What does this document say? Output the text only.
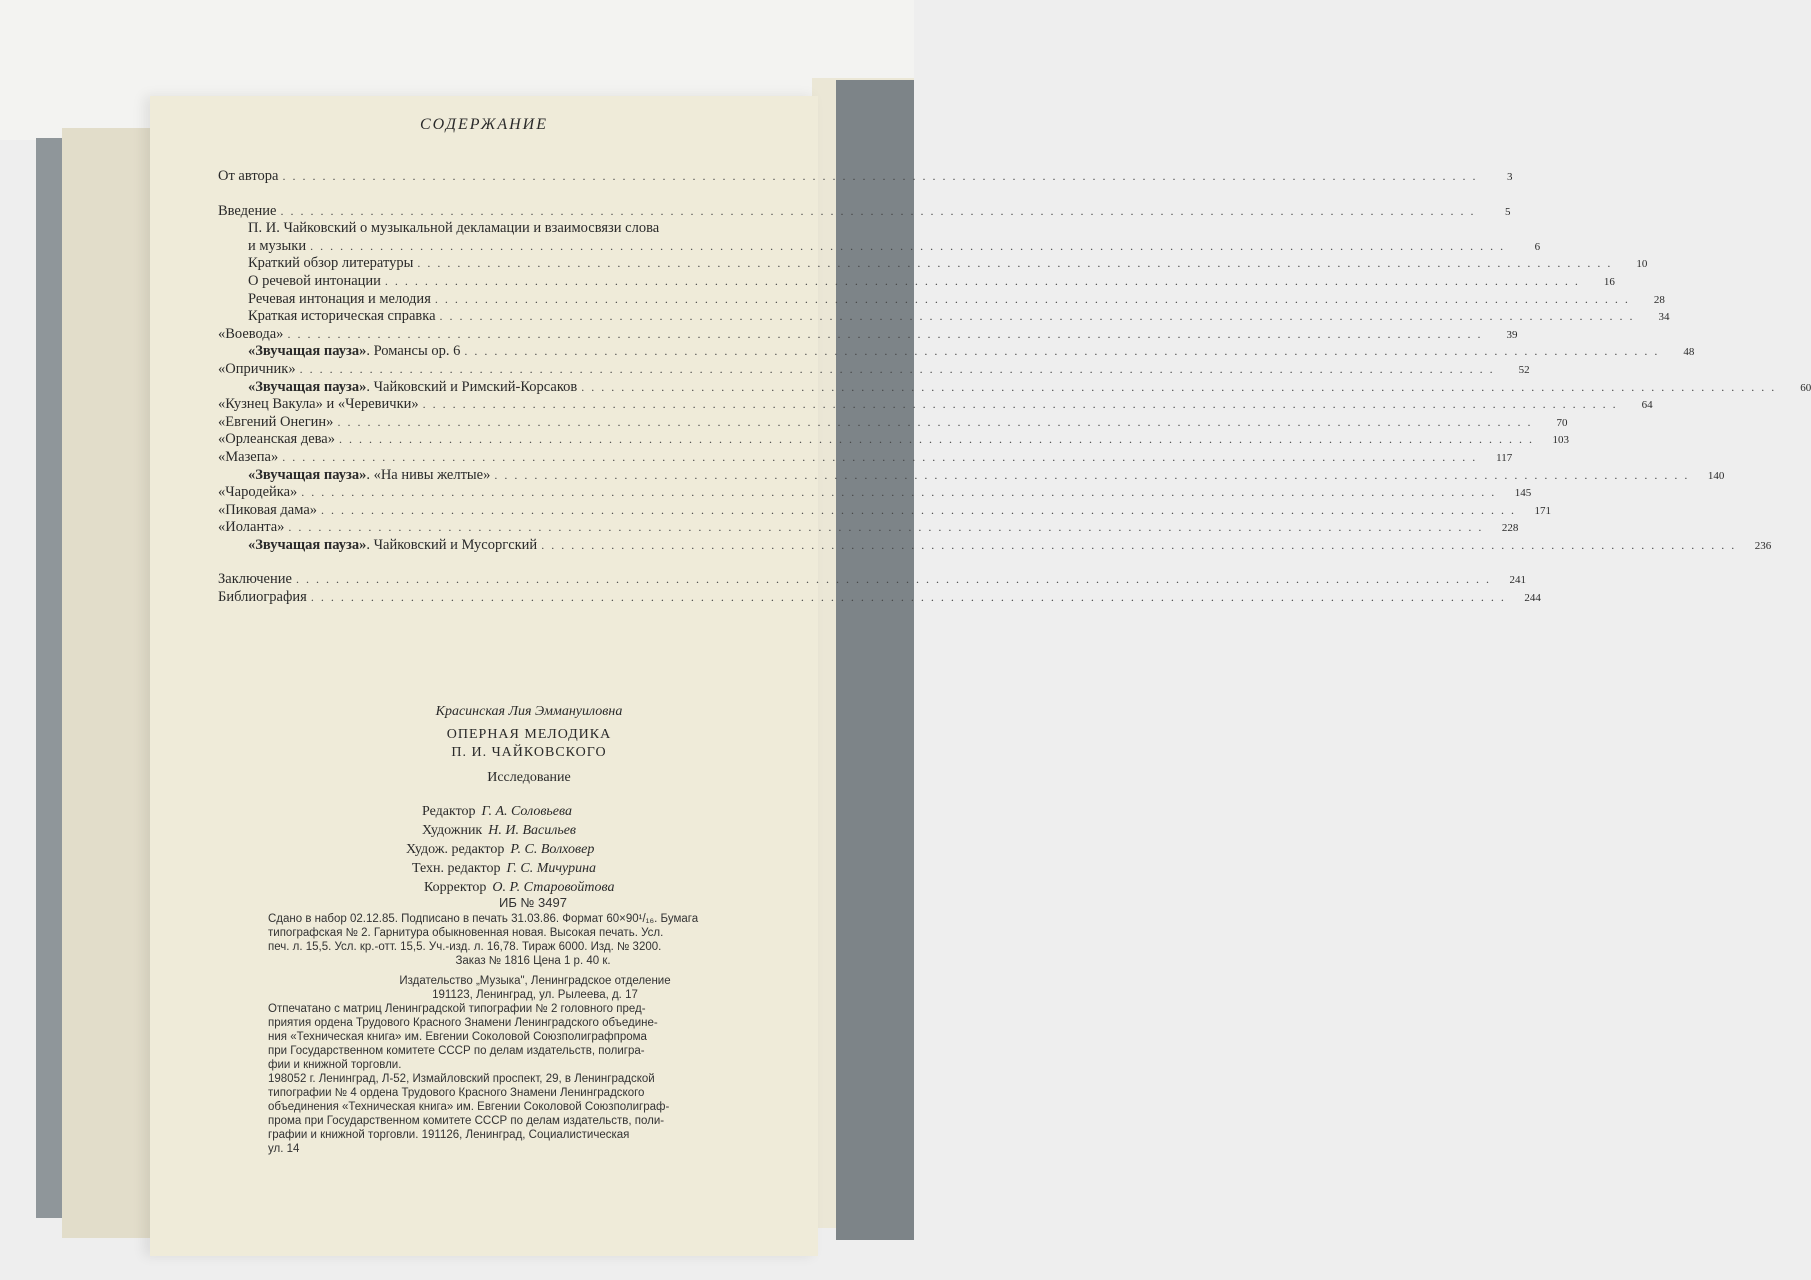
СОДЕРЖАНИЕ
От автора ........................................................................................................................	3
Введение ........................................................................................................................	5
П. И. Чайковский о музыкальной декламации и взаимосвязи слова
и музыки ........................................................................................................................	6
Краткий обзор литературы ........................................................................................................................	10
О речевой интонации ........................................................................................................................	16
Речевая интонация и мелодия ........................................................................................................................	28
Краткая историческая справка ........................................................................................................................	34
«Воевода» ........................................................................................................................	39
«Звучащая пауза». Романсы ор. 6 ........................................................................................................................	48
«Опричник» ........................................................................................................................	52
«Звучащая пауза». Чайковский и Римский-Корсаков ........................................................................................................................	60
«Кузнец Вакула» и «Черевички» ........................................................................................................................	64
«Евгений Онегин» ........................................................................................................................	70
«Орлеанская дева» ........................................................................................................................	103
«Мазепа» ........................................................................................................................	117
«Звучащая пауза». «На нивы желтые» ........................................................................................................................	140
«Чародейка» ........................................................................................................................	145
«Пиковая дама» ........................................................................................................................	171
«Иоланта» ........................................................................................................................	228
«Звучащая пауза». Чайковский и Мусоргский ........................................................................................................................	236
Заключение ........................................................................................................................	241
Библиография ........................................................................................................................	244
Красинская Лия Эммануиловна
ОПЕРНАЯ МЕЛОДИКА
П. И. ЧАЙКОВСКОГО
Исследование
Редактор Г. А. Соловьева
Художник Н. И. Васильев
Худож. редактор Р. С. Волховер
Техн. редактор Г. С. Мичурина
Корректор О. Р. Старовойтова
ИБ № 3497

Сдано в набор 02.12.85. Подписано в печать 31.03.86. Формат 60×90¹/₁₆. Бумага

типографская № 2. Гарнитура обыкновенная новая. Высокая печать. Усл.

печ. л. 15,5. Усл. кр.-отт. 15,5. Уч.-изд. л. 16,78. Тираж 6000. Изд. № 3200.

Заказ № 1816 Цена 1 р. 40 к.

Издательство „Музыка", Ленинградское отделение

191123, Ленинград, ул. Рылеева, д. 17

Отпечатано с матриц Ленинградской типографии № 2 головного пред-

приятия ордена Трудового Красного Знамени Ленинградского объедине-

ния «Техническая книга» им. Евгении Соколовой Союзполиграфпрома

при Государственном комитете СССР по делам издательств, полигра-

фии и книжной торговли.

198052 г. Ленинград, Л-52, Измайловский проспект, 29, в Ленинградской

типографии № 4 ордена Трудового Красного Знамени Ленинградского

объединения «Техническая книга» им. Евгении Соколовой Союзполиграф-

прома при Государственном комитете СССР по делам издательств, поли-

графии и книжной торговли. 191126, Ленинград, Социалистическая

ул. 14
